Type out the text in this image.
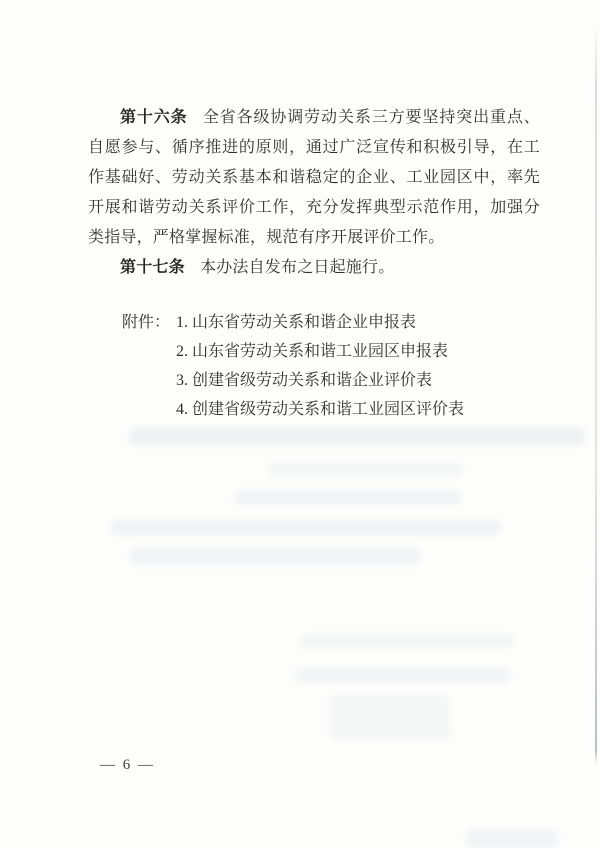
第十六条 全省各级协调劳动关系三方要坚持突出重点、自愿参与、循序推进的原则，通过广泛宣传和积极引导，在工作基础好、劳动关系基本和谐稳定的企业、工业园区中，率先开展和谐劳动关系评价工作，充分发挥典型示范作用，加强分类指导，严格掌握标准，规范有序开展评价工作。

第十七条 本办法自发布之日起施行。

附件： 1. 山东省劳动关系和谐企业申报表
2. 山东省劳动关系和谐工业园区申报表
3. 创建省级劳动关系和谐企业评价表
4. 创建省级劳动关系和谐工业园区评价表
— 6 —
